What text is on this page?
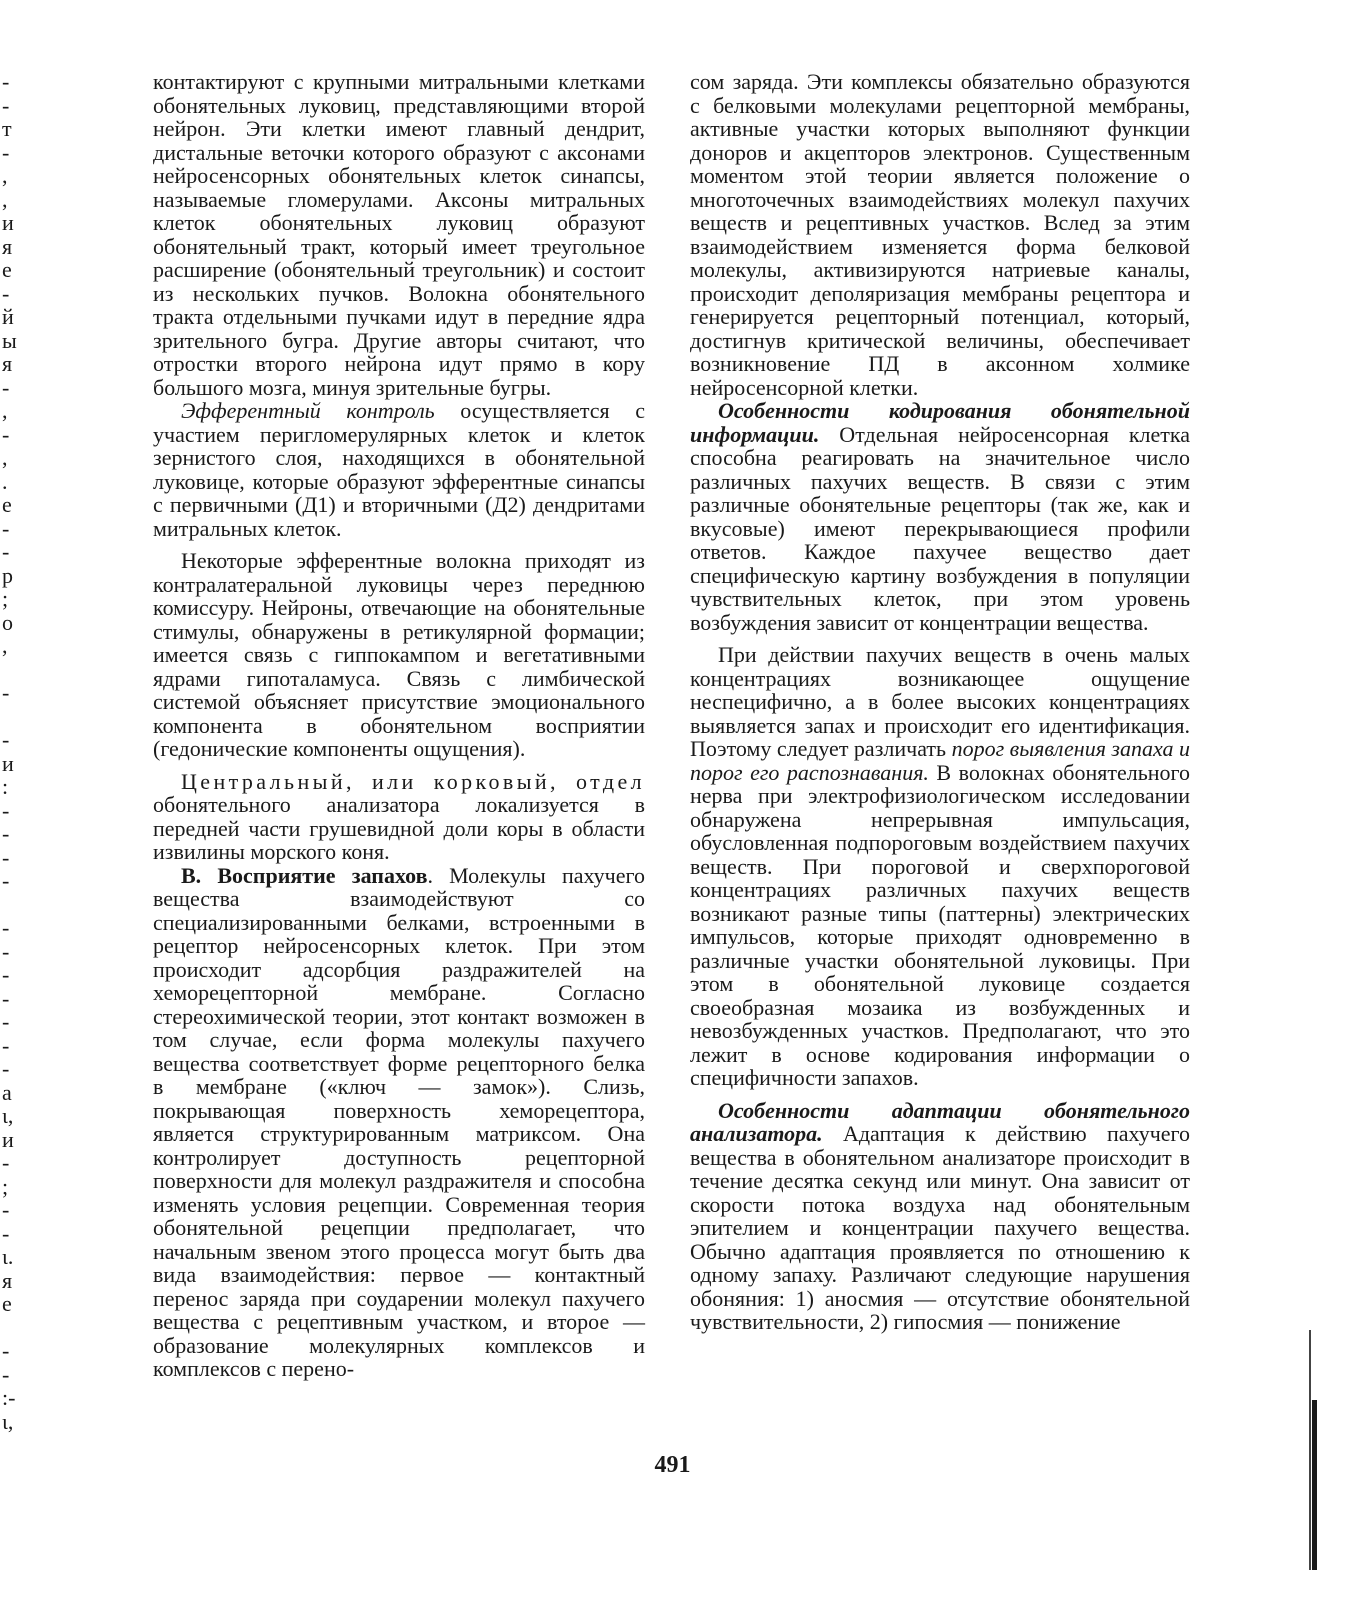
-
-
т
-
,
,
и
я
е
-
й
ы
я
-
,
-
,
.
е
-
-
р
;
о
,
-
-
и
:
-
-
-
-
-
-
-
-
-
-
-
а
ι,
и
-
;
-
-
ι.
я
е
-
-
:-
ι,

контактируют с крупными митральными клетками обонятельных луковиц, представляющими второй нейрон. Эти клетки имеют главный дендрит, дистальные веточки которого образуют с аксонами нейросенсорных обонятельных клеток синапсы, называемые гломерулами. Аксоны митральных клеток обонятельных луковиц образуют обонятельный тракт, который имеет треугольное расширение (обонятельный треугольник) и состоит из нескольких пучков. Волокна обонятельного тракта отдельными пучками идут в передние ядра зрительного бугра. Другие авторы считают, что отростки второго нейрона идут прямо в кору большого мозга, минуя зрительные бугры.

Эфферентный контроль осуществляется с участием перигломерулярных клеток и клеток зернистого слоя, находящихся в обонятельной луковице, которые образуют эфферентные синапсы с первичными (Д1) и вторичными (Д2) дендритами митральных клеток.

Некоторые эфферентные волокна приходят из контралатеральной луковицы через переднюю комиссуру. Нейроны, отвечающие на обонятельные стимулы, обнаружены в ретикулярной формации; имеется связь с гиппокампом и вегетативными ядрами гипоталамуса. Связь с лимбической системой объясняет присутствие эмоционального компонента в обонятельном восприятии (гедонические компоненты ощущения).

Центральный, или корковый, отдел обонятельного анализатора локализуется в передней части грушевидной доли коры в области извилины морского коня.

В. Восприятие запахов. Молекулы пахучего вещества взаимодействуют со специализированными белками, встроенными в рецептор нейросенсорных клеток. При этом происходит адсорбция раздражителей на хеморецепторной мембране. Согласно стереохимической теории, этот контакт возможен в том случае, если форма молекулы пахучего вещества соответствует форме рецепторного белка в мембране («ключ — замок»). Слизь, покрывающая поверхность хеморецептора, является структурированным матриксом. Она контролирует доступность рецепторной поверхности для молекул раздражителя и способна изменять условия рецепции. Современная теория обонятельной рецепции предполагает, что начальным звеном этого процесса могут быть два вида взаимодействия: первое — контактный перенос заряда при соударении молекул пахучего вещества с рецептивным участком, и второе — образование молекулярных комплексов и комплексов с перено-

сом заряда. Эти комплексы обязательно образуются с белковыми молекулами рецепторной мембраны, активные участки которых выполняют функции доноров и акцепторов электронов. Существенным моментом этой теории является положение о многоточечных взаимодействиях молекул пахучих веществ и рецептивных участков. Вслед за этим взаимодействием изменяется форма белковой молекулы, активизируются натриевые каналы, происходит деполяризация мембраны рецептора и генерируется рецепторный потенциал, который, достигнув критической величины, обеспечивает возникновение ПД в аксонном холмике нейросенсорной клетки.

Особенности кодирования обонятельной информации. Отдельная нейросенсорная клетка способна реагировать на значительное число различных пахучих веществ. В связи с этим различные обонятельные рецепторы (так же, как и вкусовые) имеют перекрывающиеся профили ответов. Каждое пахучее вещество дает специфическую картину возбуждения в популяции чувствительных клеток, при этом уровень возбуждения зависит от концентрации вещества.

При действии пахучих веществ в очень малых концентрациях возникающее ощущение неспецифично, а в более высоких концентрациях выявляется запах и происходит его идентификация. Поэтому следует различать порог выявления запаха и порог его распознавания. В волокнах обонятельного нерва при электрофизиологическом исследовании обнаружена непрерывная импульсация, обусловленная подпороговым воздействием пахучих веществ. При пороговой и сверхпороговой концентрациях различных пахучих веществ возникают разные типы (паттерны) электрических импульсов, которые приходят одновременно в различные участки обонятельной луковицы. При этом в обонятельной луковице создается своеобразная мозаика из возбужденных и невозбужденных участков. Предполагают, что это лежит в основе кодирования информации о специфичности запахов.

Особенности адаптации обонятельного анализатора. Адаптация к действию пахучего вещества в обонятельном анализаторе происходит в течение десятка секунд или минут. Она зависит от скорости потока воздуха над обонятельным эпителием и концентрации пахучего вещества. Обычно адаптация проявляется по отношению к одному запаху. Различают следующие нарушения обоняния: 1) аносмия — отсутствие обонятельной чувствительности, 2) гипосмия — понижение

491
